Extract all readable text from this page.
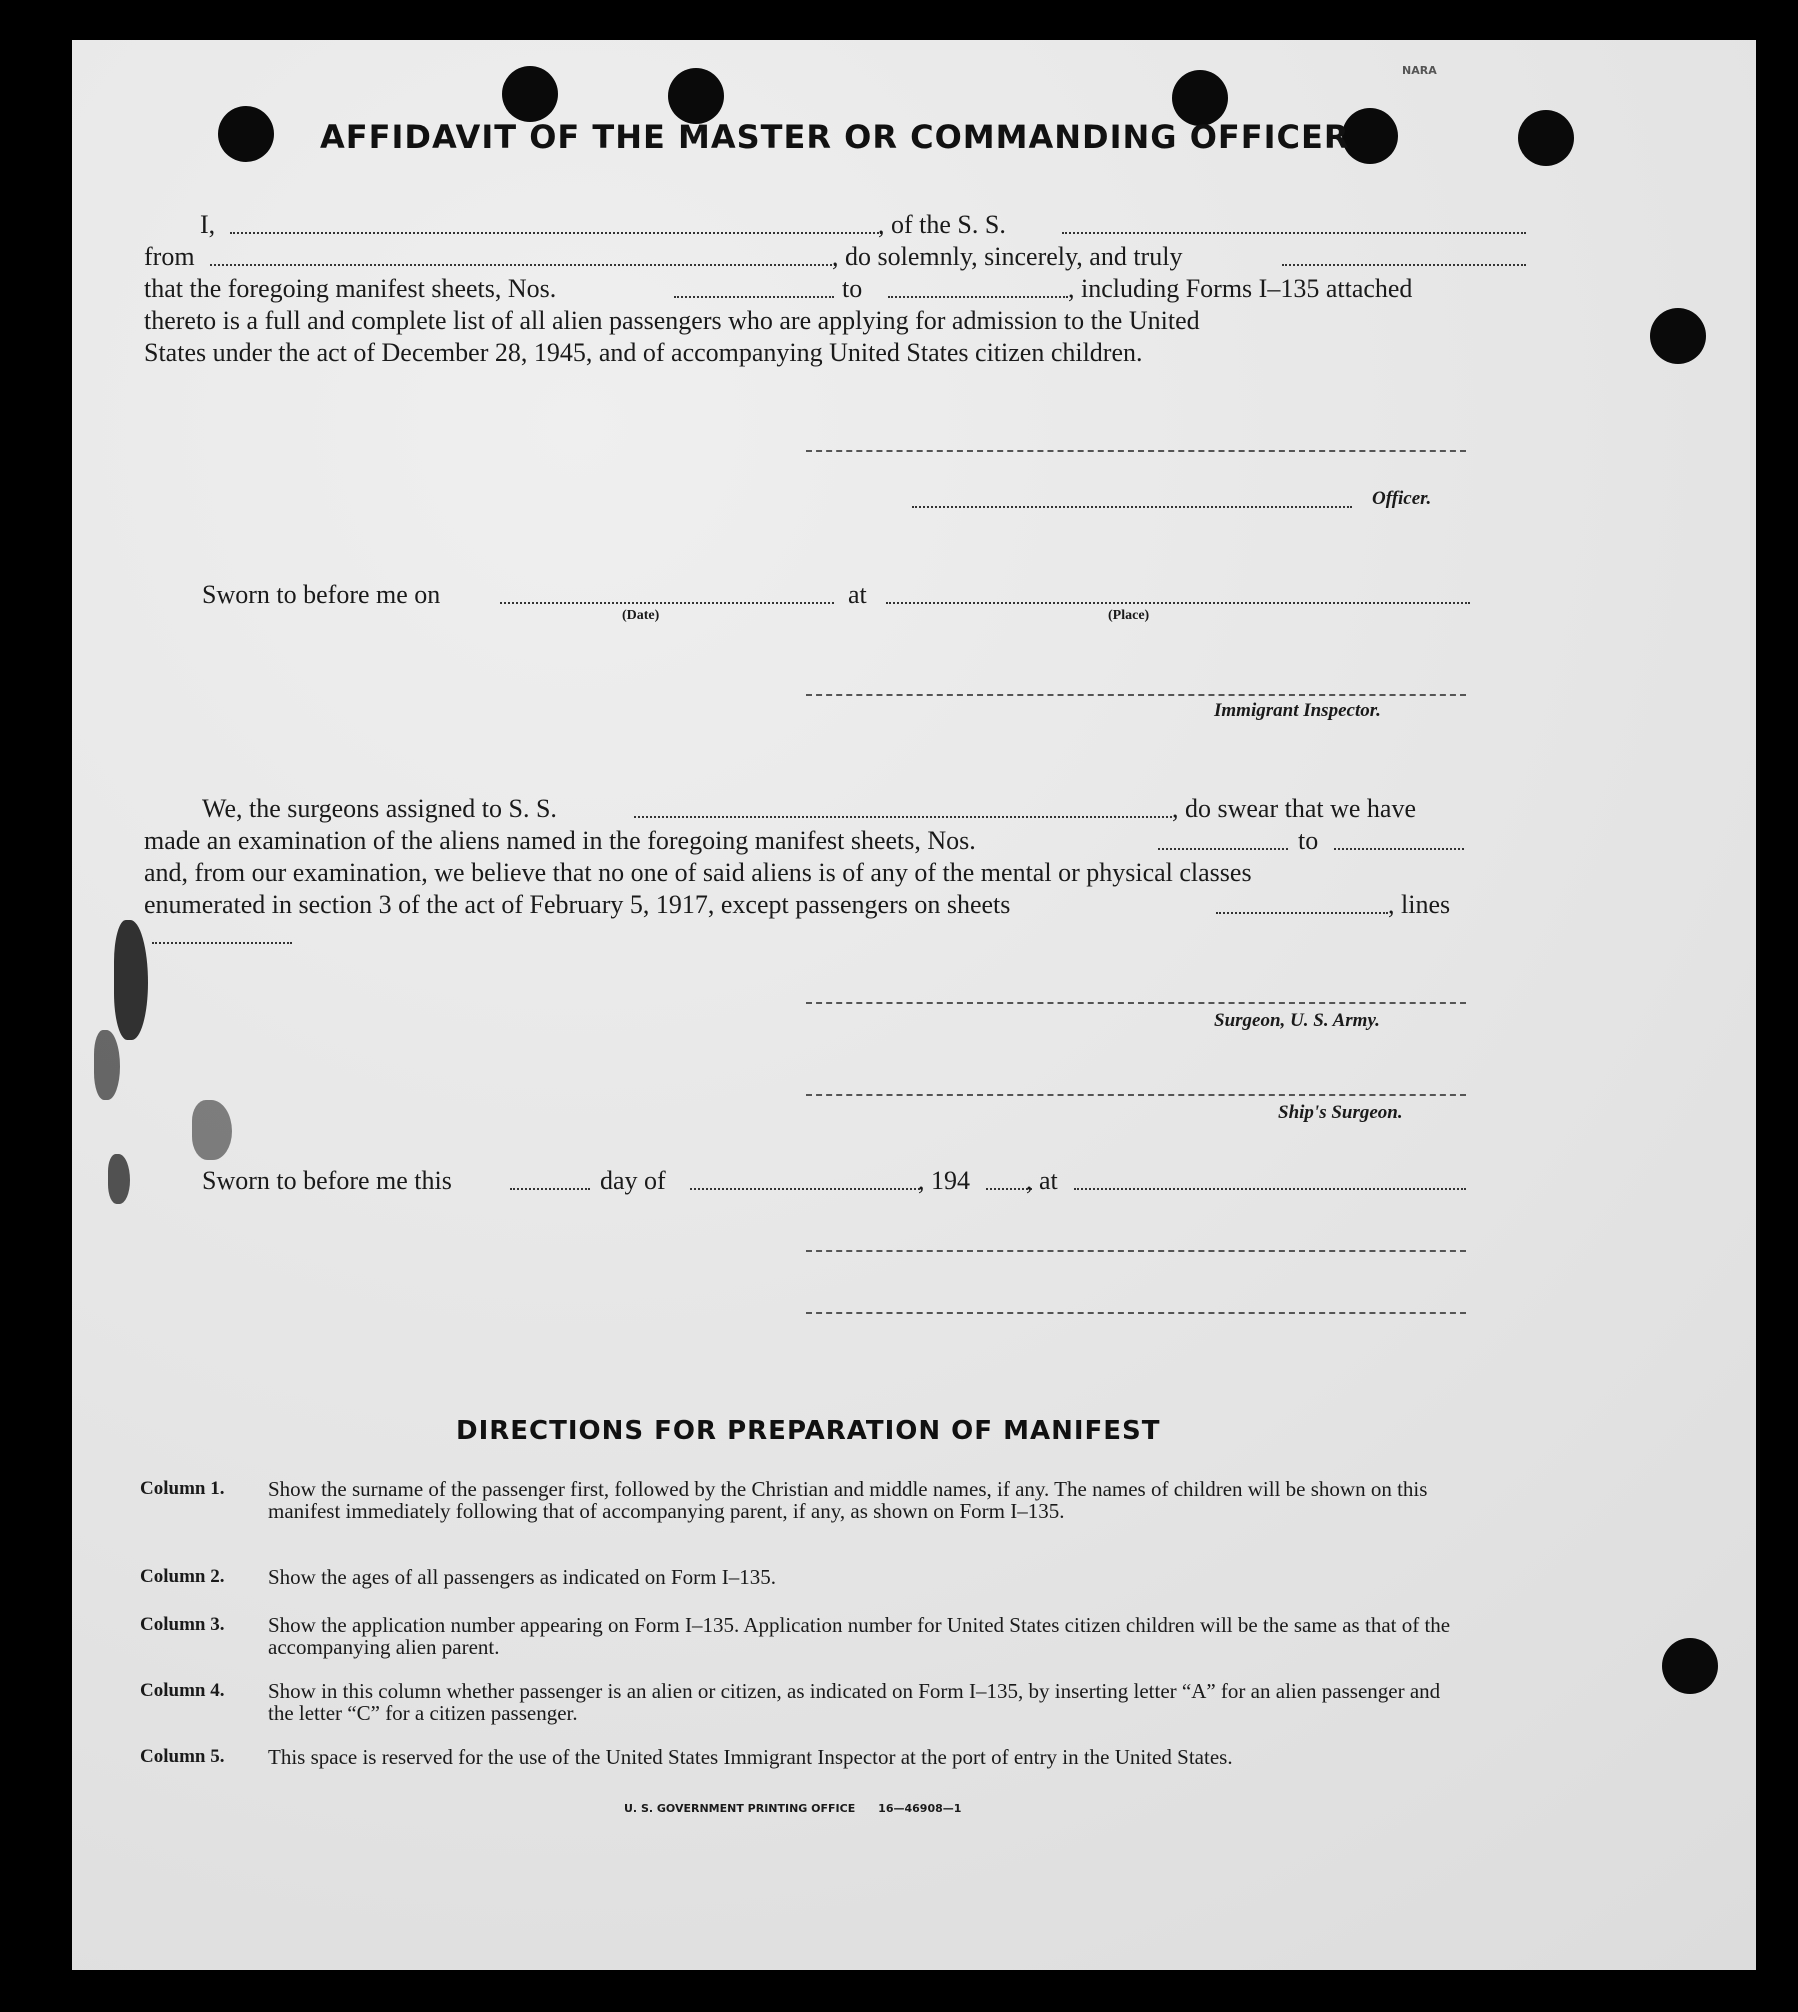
NARA
AFFIDAVIT OF THE MASTER OR COMMANDING OFFICER
I,	, of the S. S.
from	, do solemnly, sincerely, and truly
that the foregoing manifest sheets, Nos.	to	, including Forms I–135 attached
thereto is a full and complete list of all alien passengers who are applying for admission to the United
States under the act of December 28, 1945, and of accompanying United States citizen children.
Officer.
Sworn to before me on	at
(Date)	(Place)
Immigrant Inspector.
We, the surgeons assigned to S. S.	, do swear that we have
made an examination of the aliens named in the foregoing manifest sheets, Nos.	to
and, from our examination, we believe that no one of said aliens is of any of the mental or physical classes
enumerated in section 3 of the act of February 5, 1917, except passengers on sheets	, lines
Surgeon, U. S. Army.
Ship's Surgeon.
Sworn to before me this	day of	, 194 , at
DIRECTIONS FOR PREPARATION OF MANIFEST
Column 1. Show the surname of the passenger first, followed by the Christian and middle names, if any. The names of children will be shown on this manifest immediately following that of accompanying parent, if any, as shown on Form I–135.
Column 2. Show the ages of all passengers as indicated on Form I–135.
Column 3. Show the application number appearing on Form I–135. Application number for United States citizen children will be the same as that of the accompanying alien parent.
Column 4. Show in this column whether passenger is an alien or citizen, as indicated on Form I–135, by inserting letter “A” for an alien passenger and the letter “C” for a citizen passenger.
Column 5. This space is reserved for the use of the United States Immigrant Inspector at the port of entry in the United States.
U. S. GOVERNMENT PRINTING OFFICE      16—46908—1
